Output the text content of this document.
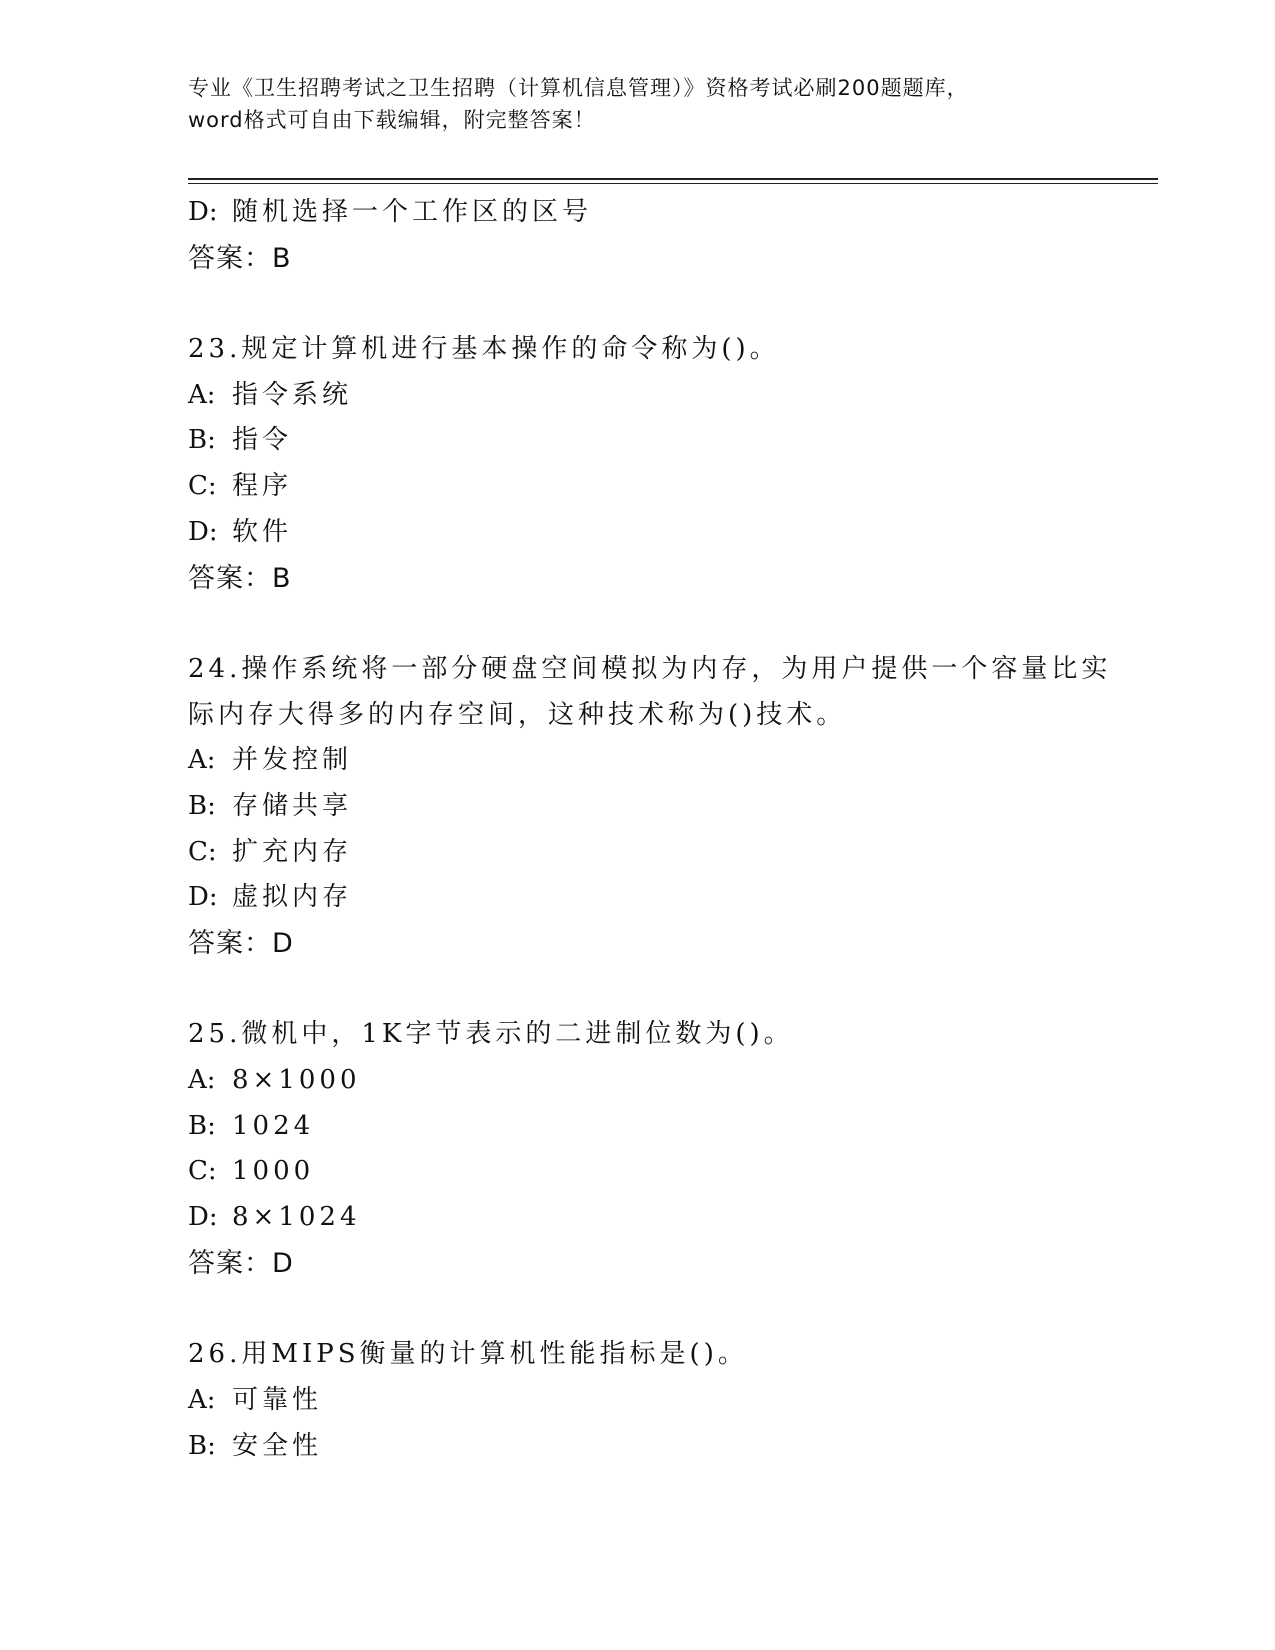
专业《卫生招聘考试之卫生招聘（计算机信息管理）》资格考试必刷200题题库，
word格式可自由下载编辑，附完整答案！
D: 随机选择一个工作区的区号
答案：B
23.规定计算机进行基本操作的命令称为()。
A: 指令系统
B: 指令
C: 程序
D: 软件
答案：B
24.操作系统将一部分硬盘空间模拟为内存，为用户提供一个容量比实
际内存大得多的内存空间，这种技术称为()技术。
A: 并发控制
B: 存储共享
C: 扩充内存
D: 虚拟内存
答案：D
25.微机中，1K字节表示的二进制位数为()。
A: 8×1000
B: 1024
C: 1000
D: 8×1024
答案：D
26.用MIPS衡量的计算机性能指标是()。
A: 可靠性
B: 安全性
